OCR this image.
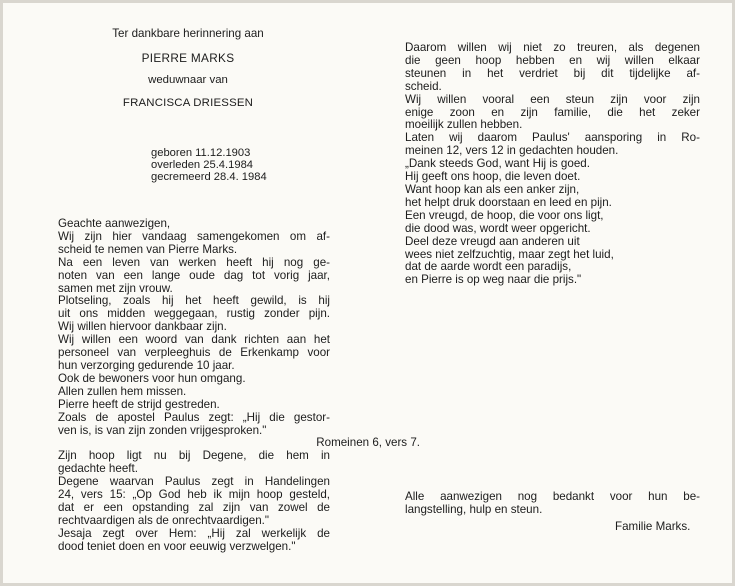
Ter dankbare herinnering aan
PIERRE MARKS
weduwnaar van
FRANCISCA DRIESSEN
geboren 11.12.1903
overleden 25.4.1984
gecremeerd 28.4. 1984
Geachte aanwezigen,
Wij zijn hier vandaag samengekomen om af-
scheid te nemen van Pierre Marks.
Na een leven van werken heeft hij nog ge-
noten van een lange oude dag tot vorig jaar,
samen met zijn vrouw.
Plotseling, zoals hij het heeft gewild, is hij
uit ons midden weggegaan, rustig zonder pijn.
Wij willen hiervoor dankbaar zijn.
Wij willen een woord van dank richten aan het
personeel van verpleeghuis de Erkenkamp voor
hun verzorging gedurende 10 jaar.
Ook de bewoners voor hun omgang.
Allen zullen hem missen.
Pierre heeft de strijd gestreden.
Zoals de apostel Paulus zegt: „Hij die gestor-
ven is, is van zijn zonden vrijgesproken."
Romeinen 6, vers 7.
Zijn hoop ligt nu bij Degene, die hem in
gedachte heeft.
Degene waarvan Paulus zegt in Handelingen
24, vers 15: „Op God heb ik mijn hoop gesteld,
dat er een opstanding zal zijn van zowel de
rechtvaardigen als de onrechtvaardigen."
Jesaja zegt over Hem: „Hij zal werkelijk de
dood teniet doen en voor eeuwig verzwelgen."
Daarom willen wij niet zo treuren, als degenen
die geen hoop hebben en wij willen elkaar
steunen in het verdriet bij dit tijdelijke af-
scheid.
Wij willen vooral een steun zijn voor zijn
enige zoon en zijn familie, die het zeker
moeilijk zullen hebben.
Laten wij daarom Paulus' aansporing in Ro-
meinen 12, vers 12 in gedachten houden.
„Dank steeds God, want Hij is goed.
Hij geeft ons hoop, die leven doet.
Want hoop kan als een anker zijn,
het helpt druk doorstaan en leed en pijn.
Een vreugd, de hoop, die voor ons ligt,
die dood was, wordt weer opgericht.
Deel deze vreugd aan anderen uit
wees niet zelfzuchtig, maar zegt het luid,
dat de aarde wordt een paradijs,
en Pierre is op weg naar die prijs."
Alle aanwezigen nog bedankt voor hun be-
langstelling, hulp en steun.
Familie Marks.
